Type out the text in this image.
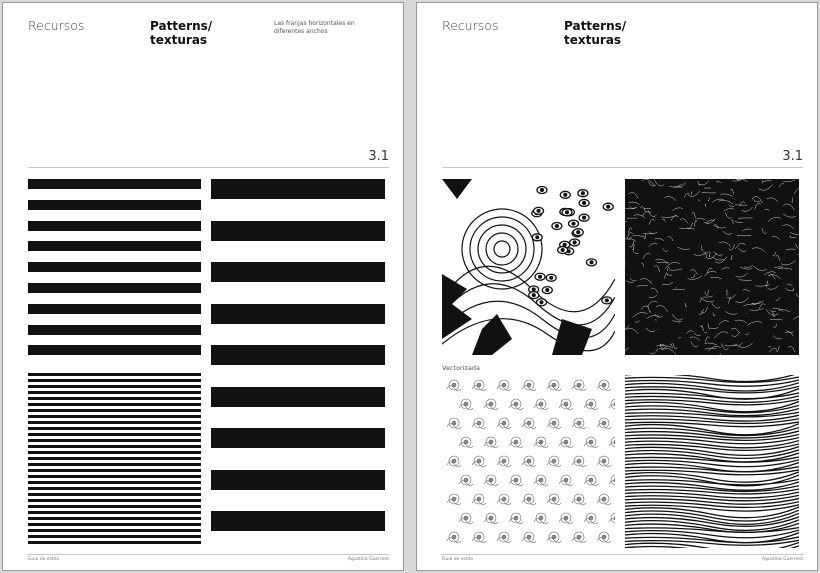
Recursos	Patterns/
texturas
Las franjas horizontales en diferentes anchos
3.1
Guía de estilo	Agustina Guerrero
Recursos	Patterns/
texturas
3.1
Vectorizada
Guía de estilo	Agustina Guerrero
